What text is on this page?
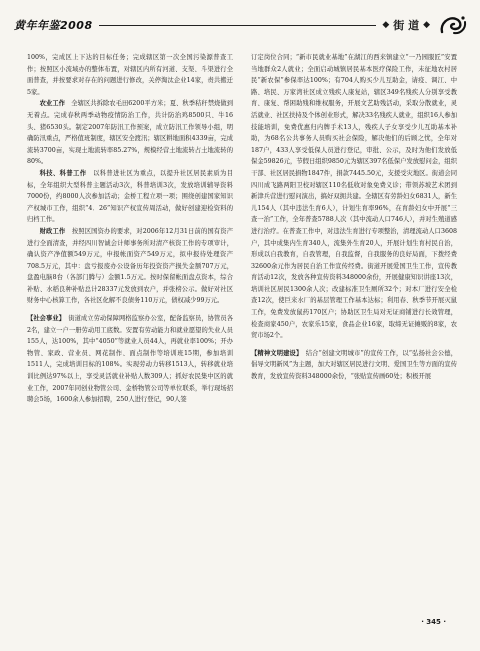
黄年年鉴2008	◆ 街 道 ◆

100%，完成区上下达的目标任务；完成辖区第一次全国污染源普查工作；按照区小流域办的整体布置，对辖区内所有河道、支渠、斗渠进行全面普查，并按要求对存在的问题进行修改，关停淘汰企业14家，责共搬迁5家。

农业工作　 全辖区共拆除农毛田6200平方米；夏、秋季秸秆禁烧做到无着点。完成春秋两季动物疫情防治工作，共计防治鸡8500只、牛16头、猪6530头。制定2007年防汛工作预案，成立防汛工作领导小组，明确防汛重点，严格值班制度，辖区安全渡汛；辖区耕地面积4339亩，完成流转3700亩，实现土地流转率85.27%，规模经营土地流转占土地流转的80%。

科技、科普工作　 以科普进社区为重点，以提升社区居民素质为目标，全年组织大型科普主题活动3次，科普培训3次，发放培训辅导资料7000份，约8000人次参加活动；金桥工程立项一项；围绕创建国家知识产权城市工作，组织“4．26”知识产权宣传周活动，做好创建迎检资料的归档工作。

财政工作　 按照区国资办的要求，对2006年12月31日前的国有资产进行全面清查，并经四川智诚会计师事务所对清产核资工作的专项审计，确认资产净值额549万元，申报帐面资产549万元，拟申报待处理资产708.5万元，其中：盘亏报废办公设备历年投资资产损失金额707万元，盘盈电脑8台（各部门腾与）金额1.5万元。按时保留帐面盘点资本，综合补贴、水稻良种补贴总计28337元发放到农户，并张榜公示。做好对社区财务中心核算工作，各社区化解不良债务110万元，债权减少99万元。

【社会事业】　 街道成立劳动保障网格监察办公室，配备监察员，协管员各2名，建立一户一册劳动用工底数。安置有劳动能力和就业愿望的失业人员155人，达100%，其中“4050”等就业人员44人，再就业率100%；开办物管、家政、营业员、网花制作、面点制作等培训班15期，参加培训1511人，完成培训目标的108%。实现劳动力转移1513人，转移就业培训比例达97%以上，享受灵活就业补贴人数309人；抓好农民集中区的就业工作，2007年同创业物管公司、金桥物管公司等单位联系，举行现场招聘会5场，1600余人参加招聘，250人进行登记，90人签

订定岗位合同；“新市民就业基地”在湖江的西来镇建立“一乃园服匠”安置当地群众2人就业；全面启动城镇居民基本医疗保险工作，未征地农村居民“新农保”参保率达100%；有704人购买少儿互助金，请疫、调江、中路、培民、万家湾社区成立残疾人康复站，辖区349名残疾人分别享受教育、康复、帮困助残和维权服务，开展文艺助残活动，采取分散就业，灵活就业、社区扶持及个体创业形式，解决33名残疾人就业，组织16人参加技能培训，免费优惠归内牌手术13人，残疾人子女享受少儿互助基本补助，为68名公共事务人员购买社会保险，解决他们的后顾之忧，全年对187户，433人享受低保人员进行登记，审批、公示，及时为他们发放低保金59826元，节假日组织9850元为辖区397名低保户发放慰问金，组织干部、社区居民捐物1847件，捐款7445.50元，支援受灾地区。街道会同四川成飞路两阳卫校对辖区110名低收对象免费义诊；带领苏坡艺术团到新津兵营进行慰问演出，搞好双拥共建。全辖区有劳龄妇女6831人，新生儿154人（其中违法生育6人），计划生育率96%，在育龄妇女中开展“三查一治”工作，全年普查5788人次（其中流动人口746人），并对生殖道感进行治疗。在普查工作中，对违法生育进行专项整治，清理流动人口3608户，其中成集内生育340人，流集外生育20人，开展计划生育村民自治，形成以自我教育，自我管理，自我监督，自我服务的良好局面，下拨经费32600余元作为居民自治工作宣传经费。街道开展爱国卫生工作，宣传教育活动12次，发放各种宣传资料348000余份，开展健康知识讲座13次，培训社区居民1300余人次；改建标准卫生厕所32个；对本厂进行安全检查12次，使巨来水厂的基层管理工作基本达标；利用春、秋季节开展灭鼠工作，免费发放鼠药170区户；协助区卫生局对无证商铺进行长效管理，检查商家450户，农家乐15家，食品企业16家，取缔无证摊贩的8家，农贸市场2个。

【精神文明建设】　 结合“创建文明城市”的宣传工作，以“弘扬社会公德，倡导文明新风”为主题，加大对辖区居民进行文明、爱国卫生等方面的宣传教育，发放宣传资料348000余份，“张贴宣传画60处；积极开展

· 345 ·
